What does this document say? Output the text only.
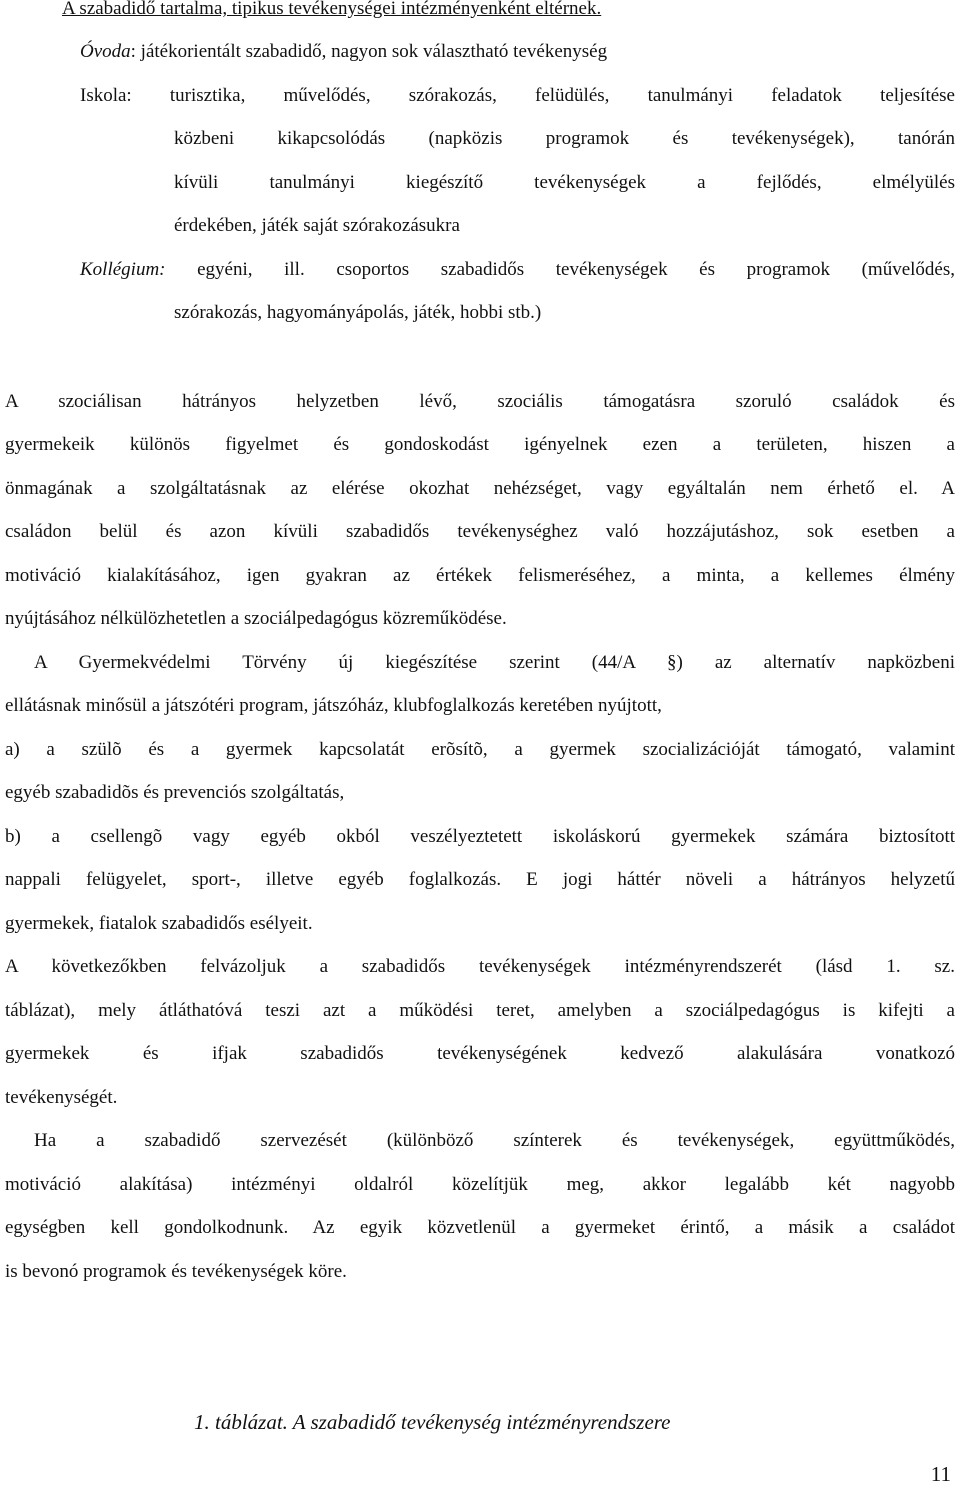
A szabadidő tartalma, tipikus tevékenységei intézményenként eltérnek.

Óvoda: játékorientált szabadidő, nagyon sok választható tevékenység

Iskola: turisztika, művelődés, szórakozás, felüdülés, tanulmányi feladatok teljesítése

közbeni kikapcsolódás (napközis programok és tevékenységek), tanórán

kívüli tanulmányi kiegészítő tevékenységek a fejlődés, elmélyülés

érdekében, játék saját szórakozásukra

Kollégium: egyéni, ill. csoportos szabadidős tevékenységek és programok (művelődés,

szórakozás, hagyományápolás, játék, hobbi stb.)

A szociálisan hátrányos helyzetben lévő, szociális támogatásra szoruló családok és

gyermekeik különös figyelmet és gondoskodást igényelnek ezen a területen, hiszen a

önmagának a szolgáltatásnak az elérése okozhat nehézséget, vagy egyáltalán nem érhető el. A

családon belül és azon kívüli szabadidős tevékenységhez való hozzájutáshoz, sok esetben a

motiváció kialakításához, igen gyakran az értékek felismeréséhez, a minta, a kellemes élmény

nyújtásához nélkülözhetetlen a szociálpedagógus közreműködése.

A Gyermekvédelmi Törvény új kiegészítése szerint (44/A §) az alternatív napközbeni

ellátásnak minősül a játszótéri program, játszóház, klubfoglalkozás keretében nyújtott,

a) a szülõ és a gyermek kapcsolatát erõsítõ, a gyermek szocializációját támogató, valamint

egyéb szabadidõs és prevenciós szolgáltatás,

b) a csellengõ vagy egyéb okból veszélyeztetett iskoláskorú gyermekek számára biztosított

nappali felügyelet, sport-, illetve egyéb foglalkozás. E jogi háttér növeli a hátrányos helyzetű

gyermekek, fiatalok szabadidős esélyeit.

A következőkben felvázoljuk a szabadidős tevékenységek intézményrendszerét (lásd 1. sz.

táblázat), mely átláthatóvá teszi azt a működési teret, amelyben a szociálpedagógus is kifejti a

gyermekek és ifjak szabadidős tevékenységének kedvező alakulására vonatkozó

tevékenységét.

Ha a szabadidő szervezését (különböző színterek és tevékenységek, együttműködés,

motiváció alakítása) intézményi oldalról közelítjük meg, akkor legalább két nagyobb

egységben kell gondolkodnunk. Az egyik közvetlenül a gyermeket érintő, a másik a családot

is bevonó programok és tevékenységek köre.

1. táblázat. A szabadidő tevékenység intézményrendszere

11
